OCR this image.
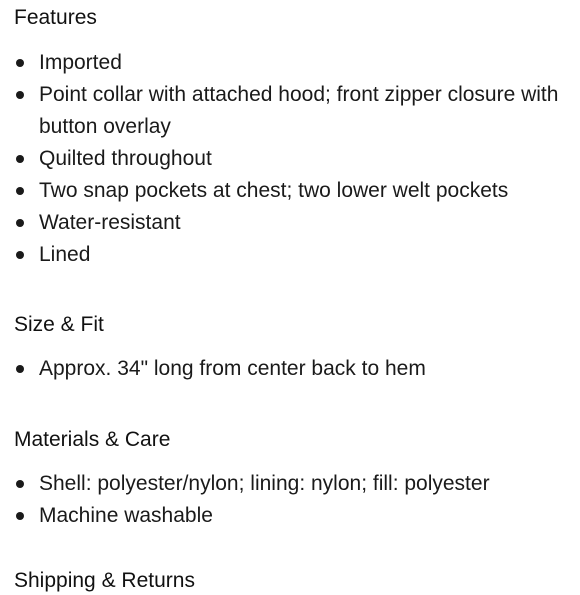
Features
Imported
Point collar with attached hood; front zipper closure with button overlay
Quilted throughout
Two snap pockets at chest; two lower welt pockets
Water-resistant
Lined
Size & Fit
Approx. 34" long from center back to hem
Materials & Care
Shell: polyester/nylon; lining: nylon; fill: polyester
Machine washable
Shipping & Returns
